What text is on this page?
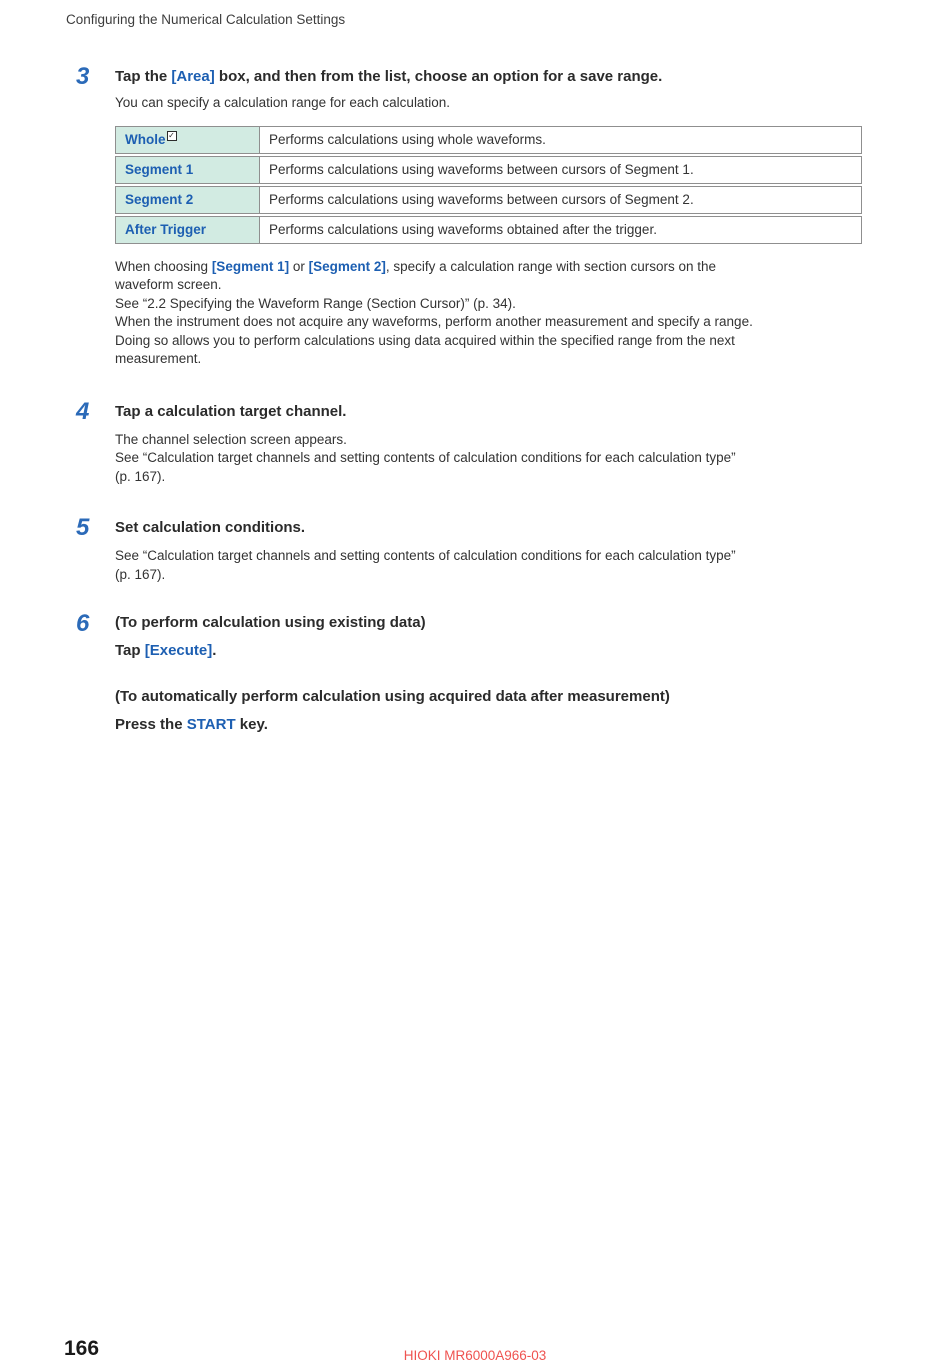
Configuring the Numerical Calculation Settings
3	Tap the [Area] box, and then from the list, choose an option for a save range.
You can specify a calculation range for each calculation.
Whole ✓	Performs calculations using whole waveforms.
Segment 1	Performs calculations using waveforms between cursors of Segment 1.
Segment 2	Performs calculations using waveforms between cursors of Segment 2.
After Trigger	Performs calculations using waveforms obtained after the trigger.
When choosing [Segment 1] or [Segment 2], specify a calculation range with section cursors on the
waveform screen.
See “2.2 Specifying the Waveform Range (Section Cursor)” (p. 34).
When the instrument does not acquire any waveforms, perform another measurement and specify a range.
Doing so allows you to perform calculations using data acquired within the specified range from the next
measurement.
4	Tap a calculation target channel.
The channel selection screen appears.
See “Calculation target channels and setting contents of calculation conditions for each calculation type”
(p. 167).
5	Set calculation conditions.
See “Calculation target channels and setting contents of calculation conditions for each calculation type”
(p. 167).
6	(To perform calculation using existing data)
Tap [Execute].
(To automatically perform calculation using acquired data after measurement)
Press the START key.
166	HIOKI MR6000A966-03
